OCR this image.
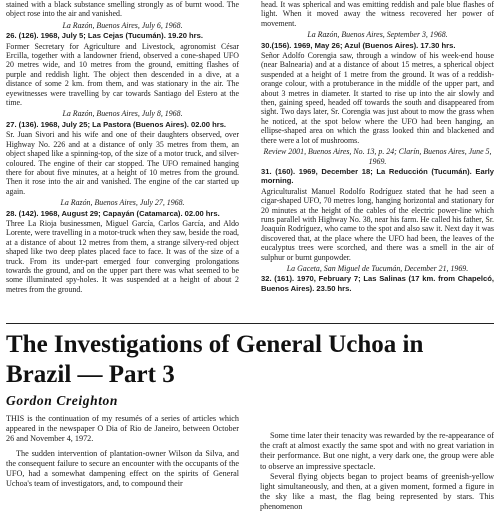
stained with a black substance smelling strongly as of burnt wood. The object rose into the air and vanished.

La Razón, Buenos Aires, July 6, 1968.

26. (126). 1968, July 5; Las Cejas (Tucumán). 19.20 hrs.

Former Secretary for Agriculture and Livestock, agronomist César Ercilla, together with a landowner friend, observed a cone-shaped UFO 20 metres wide, and 10 metres from the ground, emitting flashes of purple and reddish light. The object then descended in a dive, at a distance of some 2 km. from them, and was stationary in the air. The eyewitnesses were travelling by car towards Santiago del Estero at the time.

La Razón, Buenos Aires, July 8, 1968.

27. (136). 1968, July 25; La Pastora (Buenos Aires). 02.00 hrs.

Sr. Juan Sivori and his wife and one of their daughters observed, over Highway No. 226 and at a distance of only 35 metres from them, an object shaped like a spinning-top, of the size of a motor truck, and silver-coloured. The engine of their car stopped. The UFO remained hanging there for about five minutes, at a height of 10 metres from the ground. Then it rose into the air and vanished. The engine of the car started up again.

La Razón, Buenos Aires, July 27, 1968.

28. (142). 1968, August 29; Capayán (Catamarca). 02.00 hrs.

Three La Rioja businessmen, Miguel García, Carlos García, and Aldo Lorente, were travelling in a motor-truck when they saw, beside the road, at a distance of about 12 metres from them, a strange silvery-red object shaped like two deep plates placed face to face. It was of the size of a truck. From its under-part emerged four converging prolongations towards the ground, and on the upper part there was what seemed to be some illuminated spy-holes. It was suspended at a height of about 2 metres from the ground.

head. It was spherical and was emitting reddish and pale blue flashes of light. When it moved away the witness recovered her power of movement.

La Razón, Buenos Aires, September 3, 1968.

30.(156). 1969, May 26; Azul (Buenos Aires). 17.30 hrs.

Señor Adolfo Corengia saw, through a window of his week-end house (near Balnearia) and at a distance of about 15 metres, a spherical object suspended at a height of 1 metre from the ground. It was of a reddish-orange colour, with a protuberance in the middle of the upper part, and about 3 metres in diameter. It started to rise up into the air slowly and then, gaining speed, headed off towards the south and disappeared from sight. Two days later, Sr. Corengia was just about to mow the grass when he noticed, at the spot below where the UFO had been hanging, an ellipse-shaped area on which the grass looked thin and blackened and there were a lot of mushrooms.

Review 2001, Buenos Aires, No. 13, p. 24; Clarín, Buenos Aires, June 5, 1969.

31. (160). 1969, December 18; La Reducción (Tucumán). Early morning.

Agriculturalist Manuel Rodolfo Rodríguez stated that he had seen a cigar-shaped UFO, 70 metres long, hanging horizontal and stationary for 20 minutes at the height of the cables of the electric power-line which runs parallel with Highway No. 38, near his farm. He called his father, Sr. Joaquín Rodríguez, who came to the spot and also saw it. Next day it was discovered that, at the place where the UFO had been, the leaves of the eucalyptus trees were scorched, and there was a smell in the air of sulphur or burnt gunpowder.

La Gaceta, San Miguel de Tucumán, December 21, 1969.

32. (161). 1970, February 7; Las Salinas (17 km. from Chapelcó, Buenos Aires). 23.50 hrs.

The Investigations of General Uchoa in
Brazil — Part 3
Gordon Creighton

THIS is the continuation of my resumés of a series of articles which appeared in the newspaper O Dia of Rio de Janeiro, between October 26 and November 4, 1972.

The sudden intervention of plantation-owner Wilson da Silva, and the consequent failure to secure an encounter with the occupants of the UFO, had a somewhat dampening effect on the spirits of General Uchoa's team of investigators, and, to compound their

Some time later their tenacity was rewarded by the re-appearance of the craft at almost exactly the same spot and with no great variation in their performance. But one night, a very dark one, the group were able to observe an impressive spectacle.

Several flying objects began to project beams of greenish-yellow light simultaneously, and then, at a given moment, formed a figure in the sky like a mast, the flag being represented by stars. This phenomenon
